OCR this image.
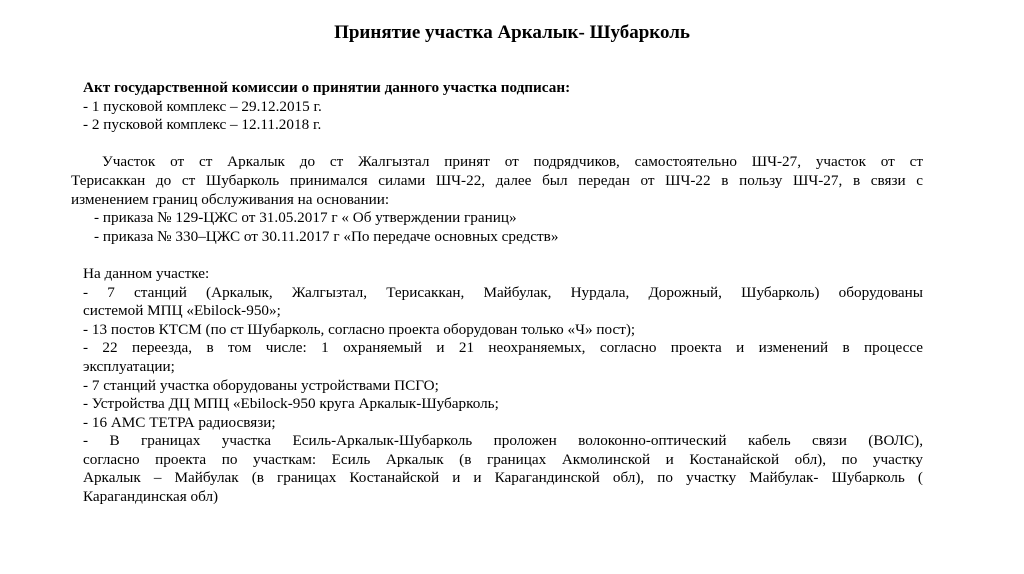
Принятие участка Аркалык- Шубарколь
Акт государственной комиссии о принятии данного участка подписан:
- 1 пусковой комплекс – 29.12.2015 г.
- 2 пусковой комплекс – 12.11.2018 г.
Участок от ст Аркалык до ст Жалгызтал принят от подрядчиков, самостоятельно ШЧ-27, участок от ст
Терисаккан до ст Шубарколь принимался силами ШЧ-22, далее был передан от ШЧ-22 в пользу ШЧ-27, в связи с
изменением границ обслуживания на основании:
- приказа № 129-ЦЖС от 31.05.2017 г « Об утверждении границ»
- приказа № 330–ЦЖС от 30.11.2017 г «По передаче основных средств»
На данном участке:
- 7 станций (Аркалык, Жалгызтал, Терисаккан, Майбулак, Нурдала, Дорожный, Шубарколь) оборудованы
системой МПЦ «Ebilock-950»;
- 13 постов КТСМ (по ст Шубарколь, согласно проекта оборудован только «Ч» пост);
- 22 переезда, в том числе: 1 охраняемый и 21 неохраняемых, согласно проекта и изменений в процессе
эксплуатации;
- 7 станций участка оборудованы устройствами ПСГО;
- Устройства ДЦ МПЦ «Ebilock-950 круга Аркалык-Шубарколь;
- 16 АМС ТЕТРА радиосвязи;
- В границах участка Есиль-Аркалык-Шубарколь проложен волоконно-оптический кабель связи (ВОЛС),
согласно проекта по участкам: Есиль Аркалык (в границах Акмолинской и Костанайской обл), по участку
Аркалык – Майбулак (в границах Костанайской и и Карагандинской обл), по участку Майбулак- Шубарколь (
Карагандинская обл)
